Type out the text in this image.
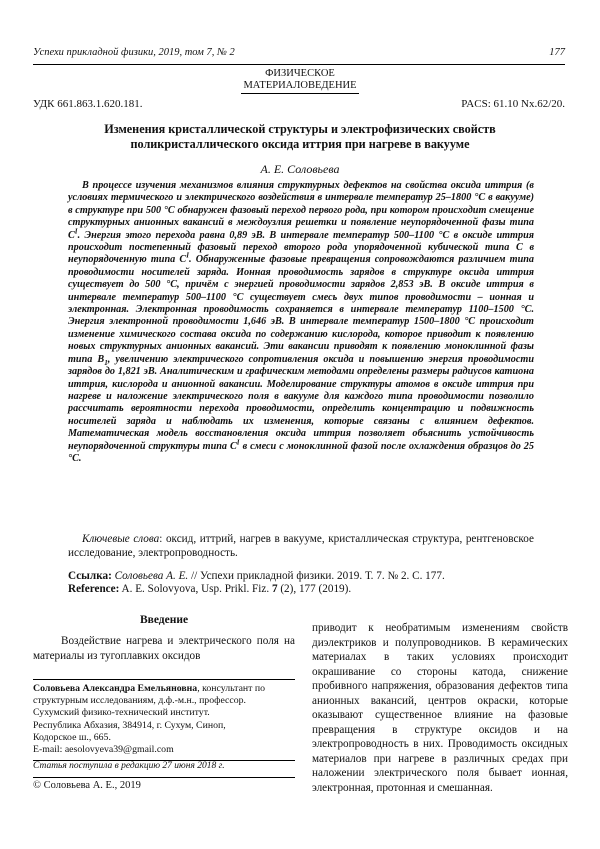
Успехи прикладной физики, 2019, том 7, № 2	177
ФИЗИЧЕСКОЕ
МАТЕРИАЛОВЕДЕНИЕ
УДК 661.863.1.620.181.	PACS: 61.10 Nx.62/20.
Изменения кристаллической структуры и электрофизических свойств поликристаллического оксида иттрия при нагреве в вакууме
А. Е. Соловьева

В процессе изучения механизмов влияния структурных дефектов на свойства оксида иттрия (в условиях термического и электрического воздействия в интервале температур 25–1800 °С в вакууме) в структуре при 500 °С обнаружен фазовый переход первого рода, при котором происходит смещение структурных анионных вакансий в междоузлия решетки и появление неупорядоченной фазы типа $С^I$. Энергия этого перехода равна 0,89 эВ. В интервале температур 500–1100 °С в оксиде иттрия происходит постепенный фазовый переход второго рода упорядоченной кубической типа С в неупорядоченную типа $С^I$. Обнаруженные фазовые превращения сопровождаются различием типа проводимости носителей заряда. Ионная проводимость зарядов в структуре оксида иттрия существует до 500 °С, причём с энергией проводимости зарядов 2,853 эВ. В оксиде иттрия в интервале температур 500–1100 °С существует смесь двух типов проводимости – ионная и электронная. Электронная проводимость сохраняется в интервале температур 1100–1500 °С. Энергия электронной проводимости 1,646 эВ. В интервале температур 1500–1800 °С происходит изменение химического состава оксида по содержанию кислорода, которое приводит к появлению новых структурных анионных вакансий. Эти вакансии приводят к появлению моноклинной фазы типа $В_1$, увеличению электрического сопротивления оксида и повышению энергия проводимости зарядов до 1,821 эВ. Аналитическим и графическим методами определены размеры радиусов катиона иттрия, кислорода и анионной вакансии. Моделирование структуры атомов в оксиде иттрия при нагреве и наложение электрического поля в вакууме для каждого типа проводимости позволило рассчитать вероятности перехода проводимости, определить концентрацию и подвижность носителей заряда и наблюдать их изменения, которые связаны с влиянием дефектов. Математическая модель восстановления оксида иттрия позволяет объяснить устойчивость неупорядоченной структуры типа $С^I$ в смеси с моноклинной фазой после охлаждения образцов до 25 °С.

Ключевые слова: оксид, иттрий, нагрев в вакууме, кристаллическая структура, рентгеновское исследование, электропроводность.
Ссылка: Соловьева А. Е. // Успехи прикладной физики. 2019. Т. 7. № 2. С. 177.
Reference: A. E. Solovyova, Usp. Prikl. Fiz. 7 (2), 177 (2019).
Введение
Воздействие нагрева и электрического поля на материалы из тугоплавких оксидов
Соловьева Александра Емельяновна, консультант по структурным исследованиям, д.ф.-м.н., профессор.
Сухумский физико-технический институт.
Республика Абхазия, 384914, г. Сухум, Синоп,
Кодорское ш., 665.
E-mail: aesolovyeva39@gmail.com
Статья поступила в редакцию 27 июня 2018 г.
© Соловьева А. Е., 2019
приводит к необратимым изменениям свойств диэлектриков и полупроводников. В керамических материалах в таких условиях происходит окрашивание со стороны катода, снижение пробивного напряжения, образования дефектов типа анионных вакансий, центров окраски, которые оказывают существенное влияние на фазовые превращения в структуре оксидов и на электропроводность в них. Проводимость оксидных материалов при нагреве в различных средах при наложении электрического поля бывает ионная, электронная, протонная и смешанная.
